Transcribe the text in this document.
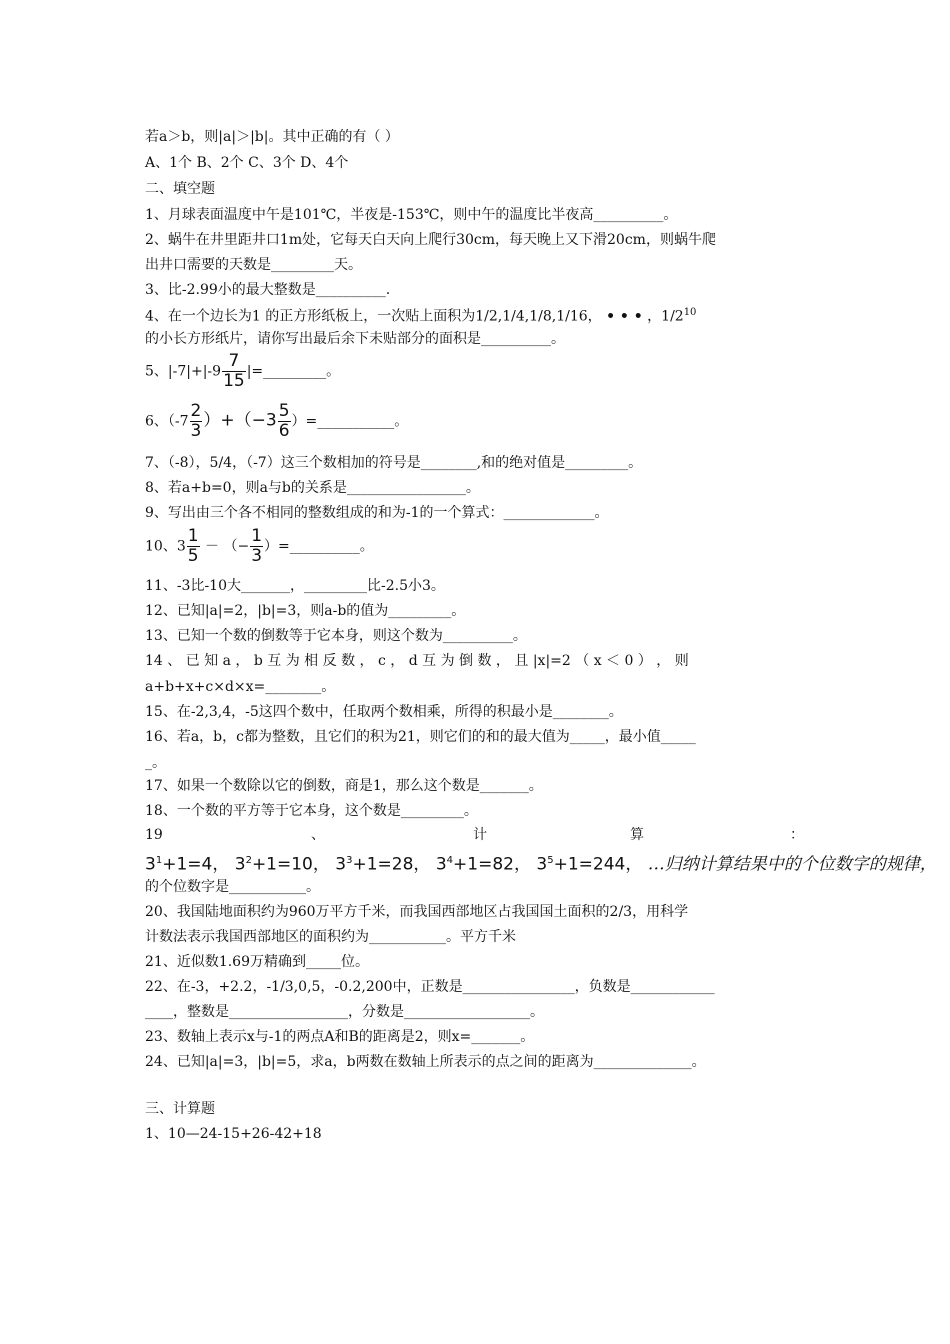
若a＞b，则|a|＞|b|。其中正确的有（ ）
A、1个 B、2个 C、3个 D、4个
二、填空题
1、月球表面温度中午是101℃，半夜是-153℃，则中午的温度比半夜高__________。
2、蜗牛在井里距井口1m处，它每天白天向上爬行30cm，每天晚上又下滑20cm，则蜗牛爬
出井口需要的天数是_________天。
3、比-2.99小的最大整数是__________.
4、在一个边长为1 的正方形纸板上，一次贴上面积为1/2,1/4,1/8,1/16， • • • ，$1/2^{10}$
的小长方形纸片，请你写出最后余下未贴部分的面积是__________。
5、$|-7|+|-9 \frac{7}{15}$ |=_________。
6、$(-7 \frac{2}{3} )+(-3 \frac{5}{6}$ ）=___________。
7、（-8），5/4，（-7）这三个数相加的符号是________,和的绝对值是_________。
8、若a+b=0，则a与b的关系是_________________。
9、写出由三个各不相同的整数组成的和为-1的一个算式：_____________。
10、$3 \frac{1}{5}$ － （− $\frac{1}{3}$ ）=__________。
11、-3比-10大_______，_________比-2.5小3。
12、已知|a|=2，|b|=3，则a-b的值为_________。
13、已知一个数的倒数等于它本身，则这个数为__________。
14 、 已 知 a ， b 互 为 相 反 数 ， c ， d 互 为 倒 数 ， 且 |x|=2 （ x ＜ 0 ） ， 则
a+b+x+c×d×x=________。
15、在-2,3,4，-5这四个数中，任取两个数相乘，所得的积最小是________。
16、若a，b，c都为整数，且它们的积为21，则它们的和的最大值为_____，最小值_____
_。
17、如果一个数除以它的倒数，商是1，那么这个数是_______。
18、一个数的平方等于它本身，这个数是_________。
19	、	计	算	：
$3^1+1=4$， $3^2+1=10$， $3^3+1=28$， $3^4+1=82$， $3^5+1=244$， …归纳计算结果中的个位数字的规律，
的个位数字是___________。
20、我国陆地面积约为960万平方千米，而我国西部地区占我国国土面积的2/3，用科学
计数法表示我国西部地区的面积约为___________。平方千米
21、近似数1.69万精确到_____位。
22、在-3，+2.2，-1/3,0,5，-0.2,200中，正数是________________，负数是____________
____，整数是_________________，分数是__________________。
23、数轴上表示x与-1的两点A和B的距离是2，则x=_______。
24、已知|a|=3，|b|=5，求a，b两数在数轴上所表示的点之间的距离为______________。
三、计算题
1、10—24-15+26-42+18
